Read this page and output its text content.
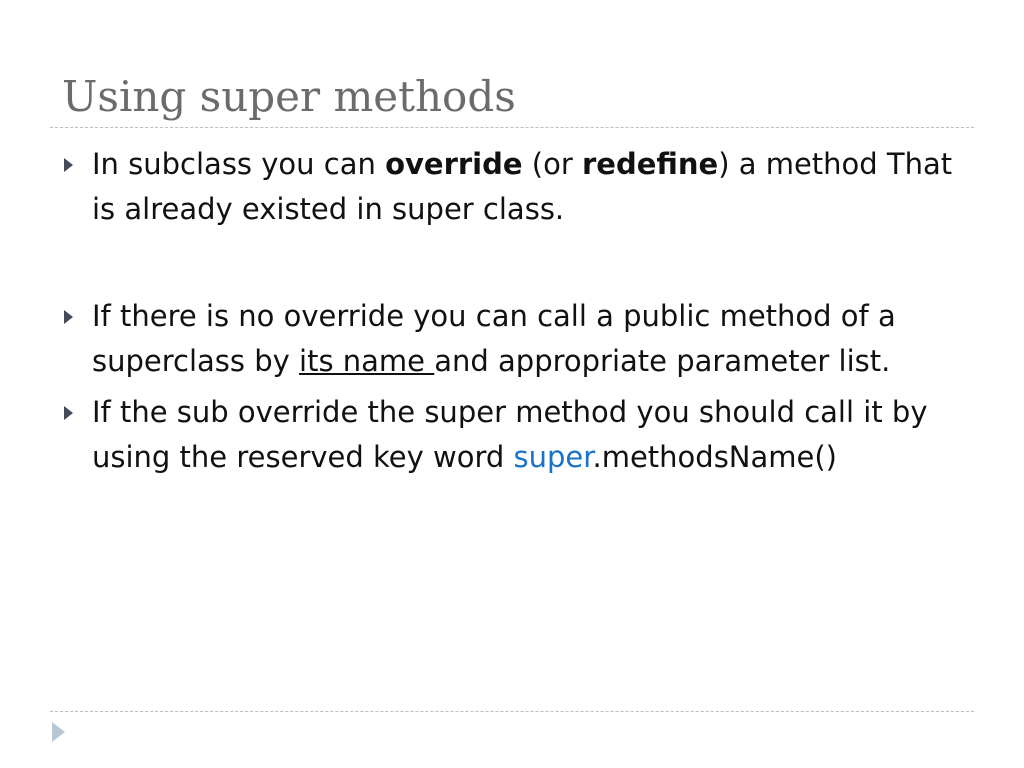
Using super methods
In subclass you can override (or redefine) a method That is already existed in super class.
If there is no override you can call a public method of a superclass by its name and appropriate parameter list.
If the sub override the super method you should call it by using the reserved key word super.methodsName()
